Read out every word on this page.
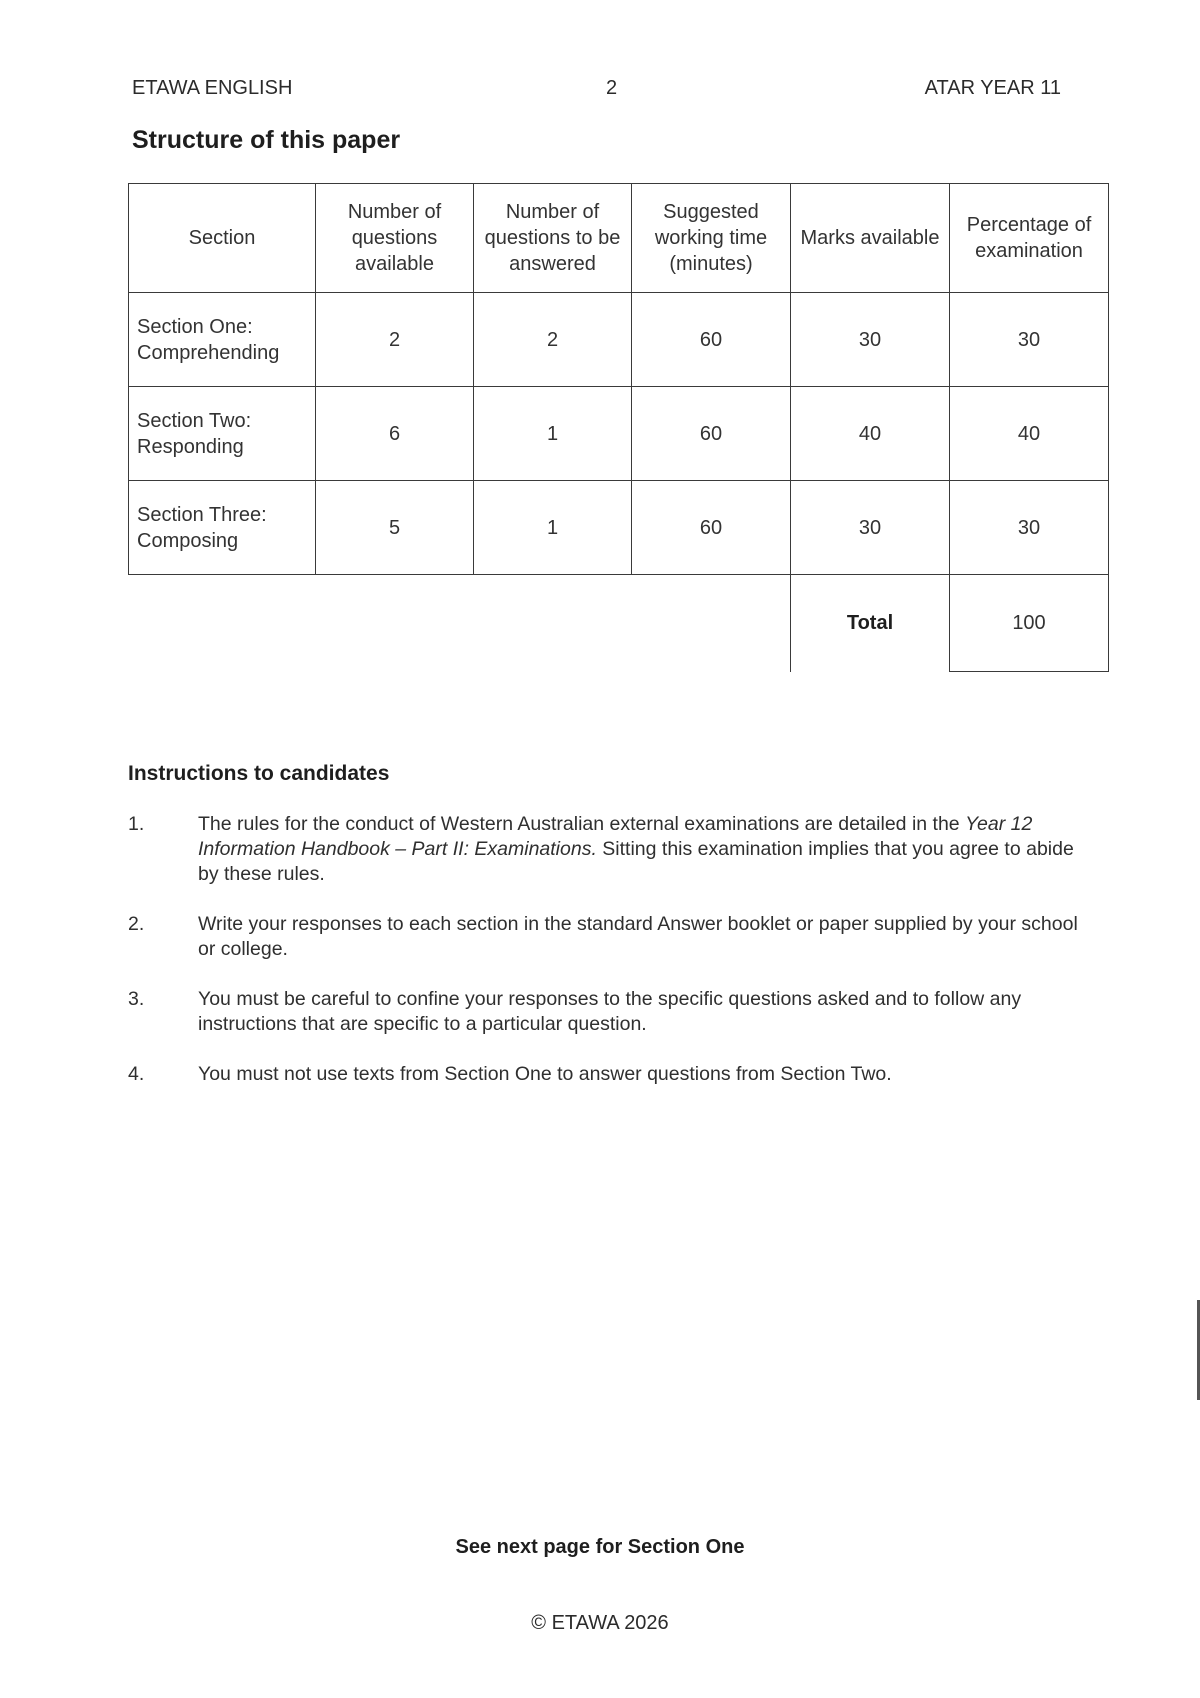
ETAWA ENGLISH	2	ATAR YEAR 11
Structure of this paper
Section	Number of questions available	Number of questions to be answered	Suggested working time (minutes)	Marks available	Percentage of examination
Section One: Comprehending	2	2	60	30	30
Section Two: Responding	6	1	60	40	40
Section Three: Composing	5	1	60	30	30
				Total	100
Instructions to candidates
1.	The rules for the conduct of Western Australian external examinations are detailed in the Year 12 Information Handbook – Part II: Examinations. Sitting this examination implies that you agree to abide by these rules.
2.	Write your responses to each section in the standard Answer booklet or paper supplied by your school or college.
3.	You must be careful to confine your responses to the specific questions asked and to follow any instructions that are specific to a particular question.
4.	You must not use texts from Section One to answer questions from Section Two.
See next page for Section One
© ETAWA 2026
